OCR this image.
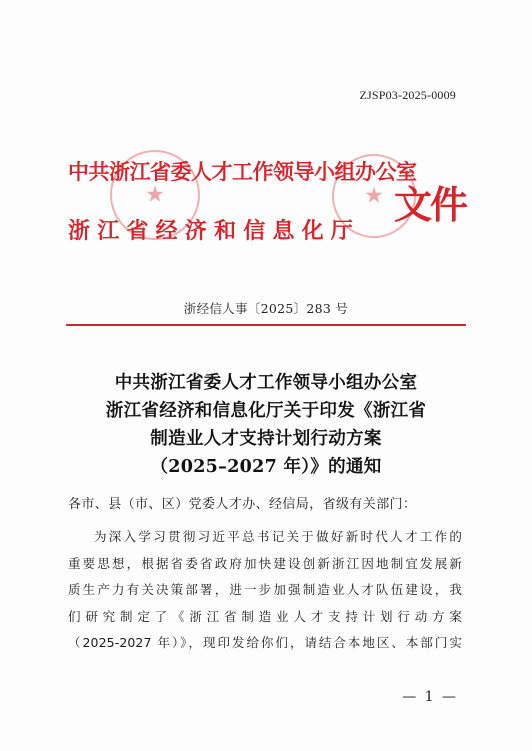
ZJSP03-2025-0009
★	★
中共浙江省委人才工作领导小组办公室
浙江省经济和信息化厅
文件
浙经信人事〔2025〕283 号
中共浙江省委人才工作领导小组办公室
浙江省经济和信息化厅关于印发《浙江省
制造业人才支持计划行动方案
（2025–2027 年）》的通知
各市、县（市、区）党委人才办、经信局，省级有关部门：
为深入学习贯彻习近平总书记关于做好新时代人才工作的
重要思想，根据省委省政府加快建设创新浙江因地制宜发展新
质生产力有关决策部署，进一步加强制造业人才队伍建设，我
们研究制定了《浙江省制造业人才支持计划行动方案
（2025-2027 年）》，现印发给你们，请结合本地区、本部门实
— 1 —
